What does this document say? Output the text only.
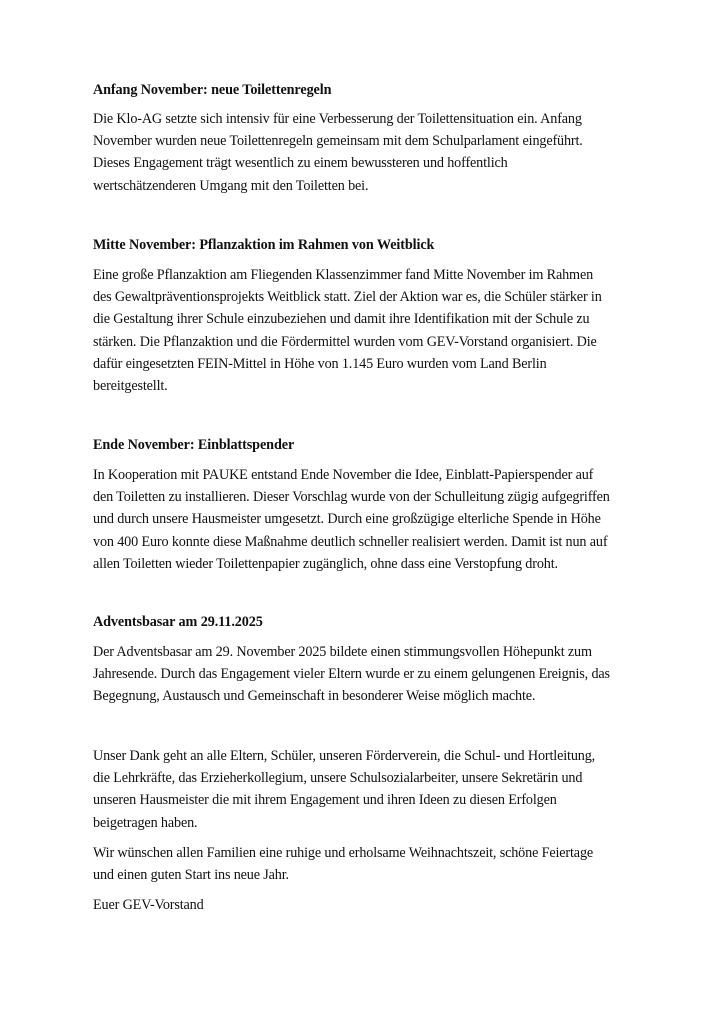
Anfang November: neue Toilettenregeln

Die Klo-AG setzte sich intensiv für eine Verbesserung der Toilettensituation ein. Anfang
November wurden neue Toilettenregeln gemeinsam mit dem Schulparlament eingeführt.
Dieses Engagement trägt wesentlich zu einem bewussteren und hoffentlich
wertschätzenderen Umgang mit den Toiletten bei.

Mitte November: Pflanzaktion im Rahmen von Weitblick

Eine große Pflanzaktion am Fliegenden Klassenzimmer fand Mitte November im Rahmen
des Gewaltpräventionsprojekts Weitblick statt. Ziel der Aktion war es, die Schüler stärker in
die Gestaltung ihrer Schule einzubeziehen und damit ihre Identifikation mit der Schule zu
stärken. Die Pflanzaktion und die Fördermittel wurden vom GEV-Vorstand organisiert. Die
dafür eingesetzten FEIN-Mittel in Höhe von 1.145 Euro wurden vom Land Berlin
bereitgestellt.

Ende November: Einblattspender

In Kooperation mit PAUKE entstand Ende November die Idee, Einblatt-Papierspender auf
den Toiletten zu installieren. Dieser Vorschlag wurde von der Schulleitung zügig aufgegriffen
und durch unsere Hausmeister umgesetzt. Durch eine großzügige elterliche Spende in Höhe
von 400 Euro konnte diese Maßnahme deutlich schneller realisiert werden. Damit ist nun auf
allen Toiletten wieder Toilettenpapier zugänglich, ohne dass eine Verstopfung droht.

Adventsbasar am 29.11.2025

Der Adventsbasar am 29. November 2025 bildete einen stimmungsvollen Höhepunkt zum
Jahresende. Durch das Engagement vieler Eltern wurde er zu einem gelungenen Ereignis, das
Begegnung, Austausch und Gemeinschaft in besonderer Weise möglich machte.

Unser Dank geht an alle Eltern, Schüler, unseren Förderverein, die Schul- und Hortleitung,
die Lehrkräfte, das Erzieherkollegium, unsere Schulsozialarbeiter, unsere Sekretärin und
unseren Hausmeister die mit ihrem Engagement und ihren Ideen zu diesen Erfolgen
beigetragen haben.

Wir wünschen allen Familien eine ruhige und erholsame Weihnachtszeit, schöne Feiertage
und einen guten Start ins neue Jahr.

Euer GEV-Vorstand
